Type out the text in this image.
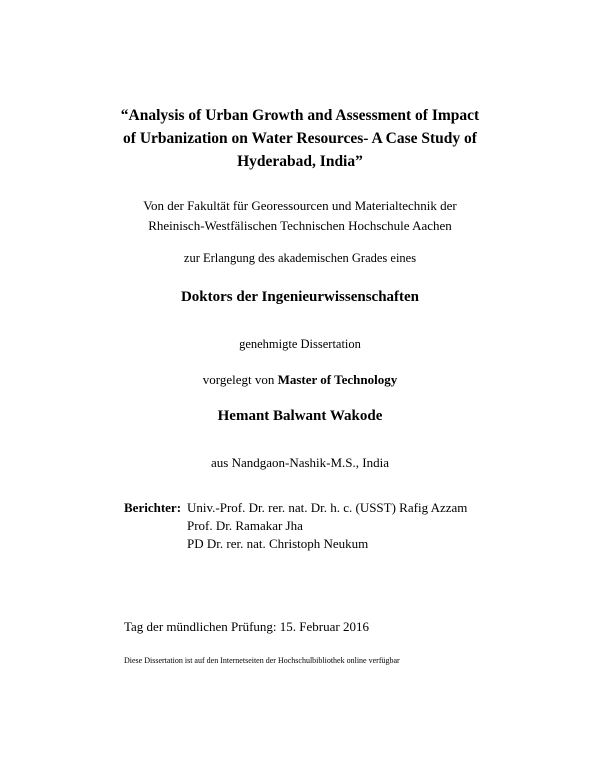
“Analysis of Urban Growth and Assessment of Impact
of Urbanization on Water Resources- A Case Study of
Hyderabad, India”
Von der Fakultät für Georessourcen und Materialtechnik der
Rheinisch-Westfälischen Technischen Hochschule Aachen
zur Erlangung des akademischen Grades eines
Doktors der Ingenieurwissenschaften
genehmigte Dissertation
vorgelegt von Master of Technology
Hemant Balwant Wakode
aus Nandgaon-Nashik-M.S., India
Berichter: Univ.-Prof. Dr. rer. nat. Dr. h. c. (USST) Rafig Azzam
Prof. Dr. Ramakar Jha
PD Dr. rer. nat. Christoph Neukum
Tag der mündlichen Prüfung: 15. Februar 2016
Diese Dissertation ist auf den Internetseiten der Hochschulbibliothek online verfügbar
